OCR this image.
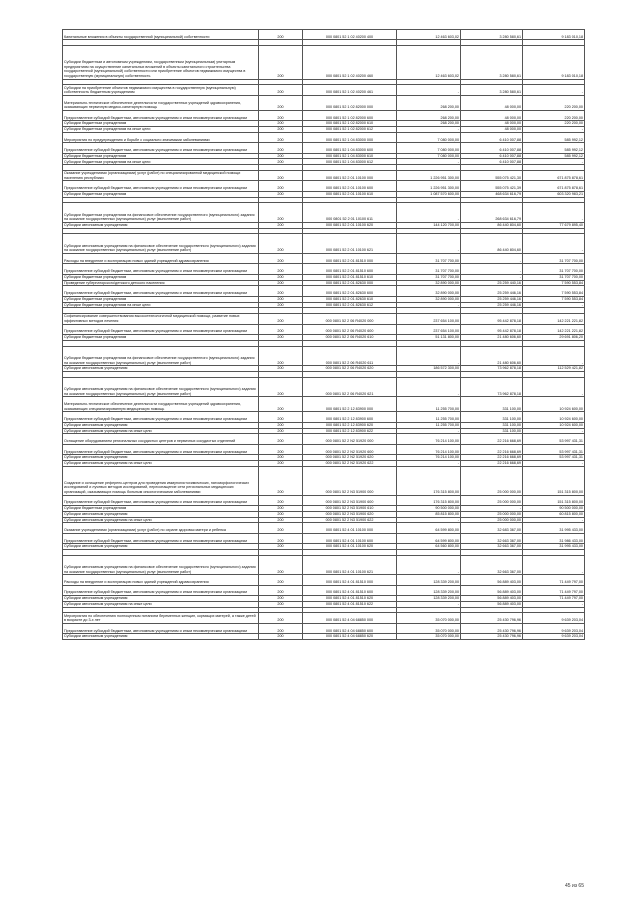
Капитальные вложения в объекты государственной (муниципальной) собственности	200	000 0801 52 1 02 40200 400	12 463 603,02	3 280 580,61	9 183 010,18

Субсидии бюджетным и автономным учреждениям, государственным (муниципальным) унитарным предприятиям на осуществление капитальных вложений в объекты капитального строительства государственной (муниципальной) собственности или приобретение объектов недвижимого имущества в государственную (муниципальную) собственность	200	000 0801 52 1 02 40200 460	12 463 603,02	3 280 580,61	9 183 010,18

Субсидии на приобретение объектов недвижимого имущества в государственную (муниципальную) собственность бюджетным учреждениям	200	000 0801 52 1 02 40200 461	-	3 280 580,61	-
Материально-техническое обеспечение деятельности государственных учреждений здравоохранения, оказывающих первичную медико-санитарную помощь	200	000 0801 52 1 02 82000 000	268 200,00	48 000,00	220 200,00
Предоставление субсидий бюджетным, автономным учреждениям и иным некоммерческим организациям	200	000 0801 52 1 02 82000 600	268 200,00	48 000,00	220 200,00
Субсидии бюджетным учреждениям	200	000 0801 52 1 02 82000 610	268 200,00	48 000,00	220 200,00
Субсидии бюджетным учреждениям на иные цели	200	000 0801 52 1 02 82000 612	-	48 000,00	-
Мероприятия по предупреждению и борьбе с социально значимыми заболеваниями	200	000 0801 52 1 04 83000 000	7 080 000,00	6 410 007,88	585 992,12
Предоставление субсидий бюджетным, автономным учреждениям и иным некоммерческим организациям	200	000 0801 52 1 04 83000 600	7 080 000,00	6 410 007,88	585 992,12
Субсидии бюджетным учреждениям	200	000 0801 52 1 04 83000 610	7 080 000,00	6 410 007,88	585 992,12
Субсидии бюджетным учреждениям на иные цели	200	000 0801 52 1 04 83000 612	-	6 410 007,88	-

Оказание учреждениями (организациями) услуг (работ) по специализированной медицинской помощи населению республики	200	000 0801 52 2 01 10100 000	1 226 951 300,00	555 075 421,30	671 875 878,61
Предоставление субсидий бюджетным, автономным учреждениям и иным некоммерческим организациям	200	000 0801 52 2 01 10100 600	1 226 951 300,00	555 075 421,39	671 875 878,61
Субсидии бюджетным учреждениям	200	000 0801 52 2 01 10100 610	1 087 570 600,00	468 634 616,79	603 320 983,21

Субсидии бюджетным учреждениям на финансовое обеспечение государственного (муниципального) задания на оказание государственных (муниципальных) услуг (выполнение работ)	200	000 0801 52 2 01 10100 611	-	268 634 616,79	-
Субсидии автономным учреждениям	200	000 0801 52 2 01 10100 620	144 120 700,00	86 440 804,60	77 679 895,40

Субсидии автономным учреждениям на финансовое обеспечение государственного (муниципального) задания на оказание государственных (муниципальных) услуг (выполнение работ)	200	000 0801 52 2 01 10100 621	-	86 440 804,60	-
Расходы на внедрение и эксплуатацию новых зданий учреждений здравоохранения	200	000 0801 52 2 01 81510 000	31 707 700,00	-	31 707 700,00
Предоставление субсидий бюджетным, автономным учреждениям и иным некоммерческим организациям	200	000 0801 52 2 01 81510 600	31 707 700,00	-	31 707 700,00
Субсидии бюджетным учреждениям	200	000 0801 52 2 01 81510 610	31 707 700,00	-	31 707 700,00
Проведение губернаторского/детского детского населения	200	000 0801 52 2 01 82630 000	32 890 000,00	25 259 440,16	7 590 553,84
Предоставление субсидий бюджетным, автономным учреждениям и иным некоммерческим организациям	200	000 0801 52 2 01 82630 600	32 890 000,00	25 259 446,16	7 590 553,84
Субсидии бюджетным учреждениям	200	000 0801 52 2 01 82630 610	32 890 000,00	25 259 446,16	7 590 553,84
Субсидии бюджетным учреждениям на иные цели	200	000 0801 52 2 01 82630 612	-	25 259 446,16	-

Софинансирование совершенствования высокотехнологичной медицинской помощи, развитие новых эффективных методов лечения	200	000 0801 52 2 06 R4020 000	237 654 100,00	95 442 878,18	142 221 221,82
Предоставление субсидий бюджетным, автономным учреждениям и иным некоммерческим организациям	200	000 0801 52 2 06 R4020 600	237 654 100,00	95 442 878,18	142 221 221,82
Субсидии бюджетным учреждениям	200	000 0801 52 2 06 R4020 610	51 131 800,00	21 480 606,60	29 691 806,20

Субсидии бюджетным учреждениям на финансовое обеспечение государственного (муниципального) задания на оказание государственных (муниципальных) услуг (выполнение работ)	200	000 0801 52 2 06 R4020 611	-	21 480 606,60	-
Субсидии автономным учреждениям	200	000 0801 52 2 06 R4020 620	186 572 300,00	73 962 878,18	112 529 421,82

Субсидии автономным учреждениям на финансовое обеспечение государственного (муниципального) задания на оказание государственных (муниципальных) услуг (выполнение работ)	200	000 0801 52 2 06 R4020 621	-	73 962 878,18	-
Материально-техническое обеспечение деятельности государственных учреждений здравоохранения, оказывающих специализированную медицинскую помощь	200	000 0801 52 2 12 83900 000	11 255 700,00	331 100,00	10 924 600,00
Предоставление субсидий бюджетным, автономным учреждениям и иным некоммерческим организациям	200	000 0801 52 2 12 83900 600	11 255 700,00	331 100,00	10 924 600,00
Субсидии автономным учреждениям	200	000 0801 52 2 12 83900 620	11 255 700,00	331 100,00	10 924 600,00
Субсидии автономным учреждениям на иные цели	200	000 0801 52 2 12 83900 622	-	331 100,00	-
Оснащение оборудованием региональных сосудистых центров и первичных сосудистых отделений	200	000 0801 52 2 N2 51920 000	76 214 100,00	22 216 668,69	53 997 431,31
Предоставление субсидий бюджетным, автономным учреждениям и иным некоммерческим организациям	200	000 0801 52 2 N2 51920 600	76 214 100,00	22 216 668,69	53 997 431,31
Субсидии автономным учреждениям	200	000 0801 52 2 N2 51920 620	76 214 100,00	22 216 668,69	53 997 431,31
Субсидии автономным учреждениям на иные цели	200	000 0801 52 2 N2 51920 622	-	22 216 668,69	-
Создание и оснащение референс-центров для проведения иммуногистохимических, патоморфологических исследований и лучевых методов исследований, переоснащение сети региональных медицинских организаций, оказывающих помощь больным онкологическими заболеваниями	200	000 0801 52 2 N3 51900 000	176 315 800,00	25 000 000,00	151 315 800,00
Предоставление субсидий бюджетным, автономным учреждениям и иным некоммерческим организациям	200	000 0801 52 2 N3 51900 600	176 315 800,00	25 000 000,00	151 315 800,00
Субсидии бюджетным учреждениям	200	000 0801 52 2 N3 51900 610	90 500 000,00	-	90 500 000,00
Субсидии автономным учреждениям	200	000 0801 52 2 N3 51900 620	85 815 800,00	25 000 000,00	60 815 800,00
Субсидии автономным учреждениям на иные цели	200	000 0801 52 2 N3 51900 622	-	25 000 000,00	-
Оказание учреждениями (организациями) услуг (работ) по охране здоровья матери и ребенка	200	000 0801 52 4 01 10100 000	64 599 800,00	32 683 367,00	31 995 433,00
Предоставление субсидий бюджетным, автономным учреждениям и иным некоммерческим организациям	200	000 0801 52 4 01 10100 600	64 599 800,00	32 663 367,00	31 986 433,00
Субсидии автономным учреждениям	200	000 0801 52 4 01 10100 620	64 560 800,00	32 663 367,00	31 995 433,00

Субсидии автономным учреждениям на финансовое обеспечение государственного (муниципального) задания на оказание государственных (муниципальных) услуг (выполнение работ)	200	000 0801 52 4 01 10100 621	-	32 663 367,00	-
Расходы на внедрение и эксплуатацию новых зданий учреждений здравоохранения	200	000 0801 52 4 01 81510 000	128 339 200,00	56 889 403,00	71 449 797,00
Предоставление субсидий бюджетным, автономным учреждениям и иным некоммерческим организациям	200	000 0801 52 4 01 81510 600	128 339 200,00	56 889 403,00	71 449 797,00
Субсидии автономным учреждениям	200	000 0801 52 4 01 81510 620	128 339 200,00	56 889 403,00	71 449 797,00
Субсидии автономным учреждениям на иные цели	200	000 0801 52 4 01 81510 622	-	56 889 403,00	-

Мероприятия по обеспечению полноценным питанием беременных женщин, кормящих матерей, а также детей в возрасте до 3-х лет	200	000 0801 52 4 04 68850 000	35 070 000,00	25 430 796,96	9 639 203,04
Предоставление субсидий бюджетным, автономным учреждениям и иным некоммерческим организациям	200	000 0801 52 4 04 68850 600	35 070 000,00	25 430 796,96	9 639 203,04
Субсидии автономным учреждениям	200	000 0801 52 4 04 68850 620	35 070 000,00	25 430 796,96	9 639 203,04
45 из 65
